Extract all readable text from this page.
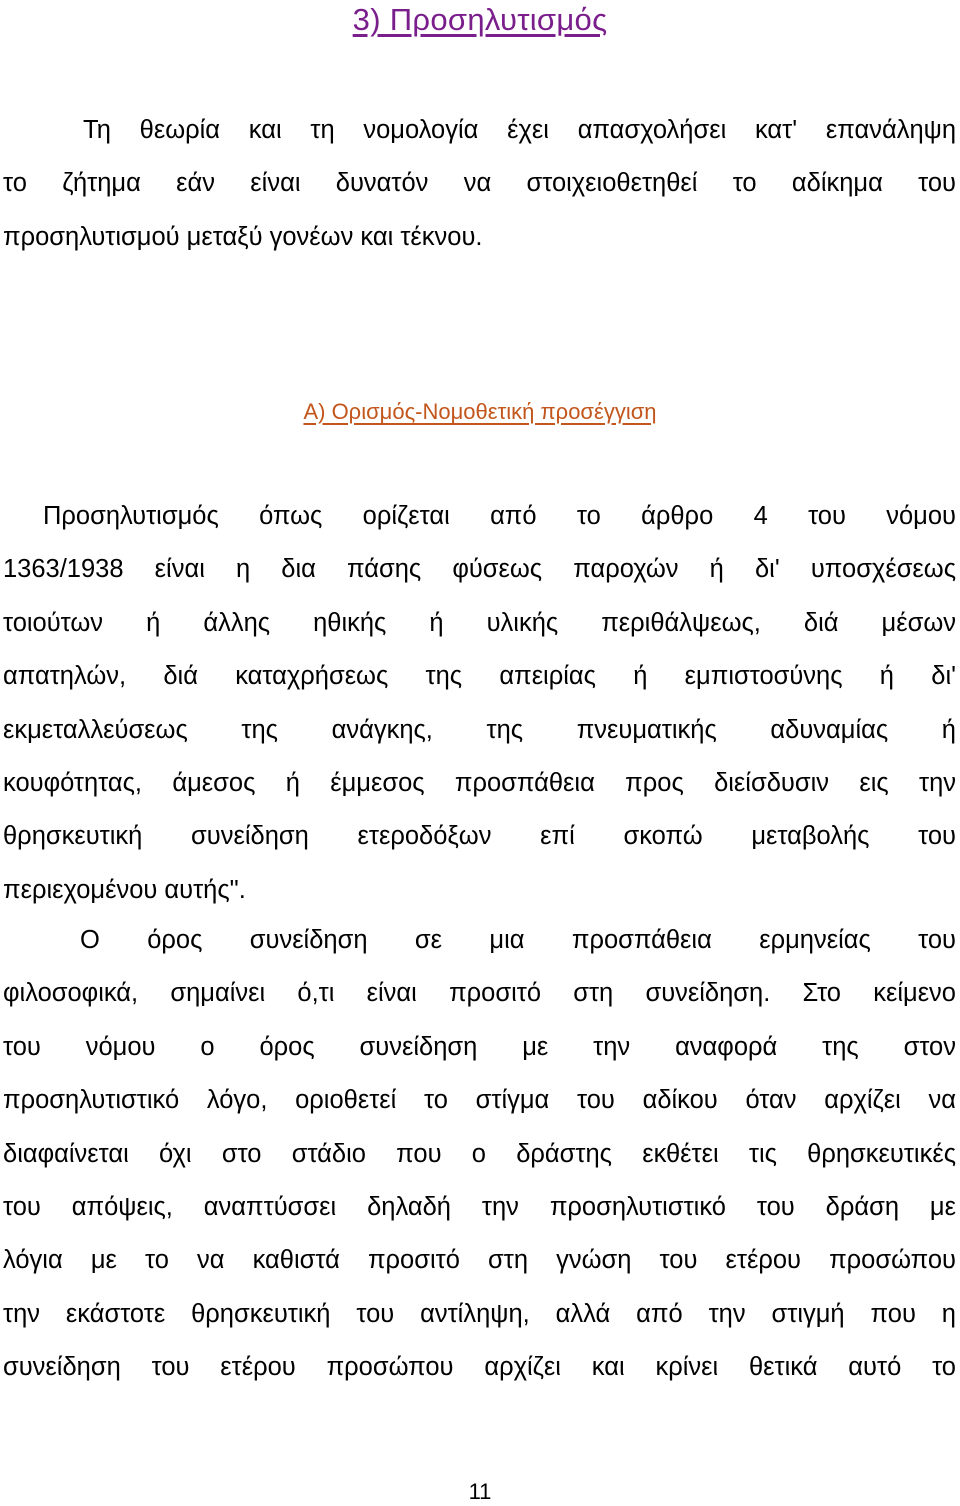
3) Προσηλυτισμός

Τη θεωρία και τη νομολογία έχει απασχολήσει κατ' επανάληψη
το ζήτημα εάν είναι δυνατόν να στοιχειοθετηθεί το αδίκημα του
προσηλυτισμού μεταξύ γονέων και τέκνου.

Α) Ορισμός-Νομοθετική προσέγγιση

Προσηλυτισμός όπως ορίζεται από το άρθρο 4 του νόμου
1363/1938 είναι η δια πάσης φύσεως παροχών ή δι' υποσχέσεως
τοιούτων ή άλλης ηθικής ή υλικής περιθάλψεως, διά μέσων
απατηλών, διά καταχρήσεως της απειρίας ή εμπιστοσύνης ή δι'
εκμεταλλεύσεως της ανάγκης, της πνευματικής αδυναμίας ή
κουφότητας, άμεσος ή έμμεσος προσπάθεια προς διείσδυσιν εις την
θρησκευτική συνείδηση ετεροδόξων επί σκοπώ μεταβολής του
περιεχομένου αυτής".

Ο όρος συνείδηση σε μια προσπάθεια ερμηνείας του
φιλοσοφικά, σημαίνει ό,τι είναι προσιτό στη συνείδηση. Στο κείμενο
του νόμου ο όρος συνείδηση με την αναφορά της στον
προσηλυτιστικό λόγο, οριοθετεί το στίγμα του αδίκου όταν αρχίζει να
διαφαίνεται όχι στο στάδιο που ο δράστης εκθέτει τις θρησκευτικές
του απόψεις, αναπτύσσει δηλαδή την προσηλυτιστικό του δράση με
λόγια με το να καθιστά προσιτό στη γνώση του ετέρου προσώπου
την εκάστοτε θρησκευτική του αντίληψη, αλλά από την στιγμή που η
συνείδηση του ετέρου προσώπου αρχίζει και κρίνει θετικά αυτό το

11
